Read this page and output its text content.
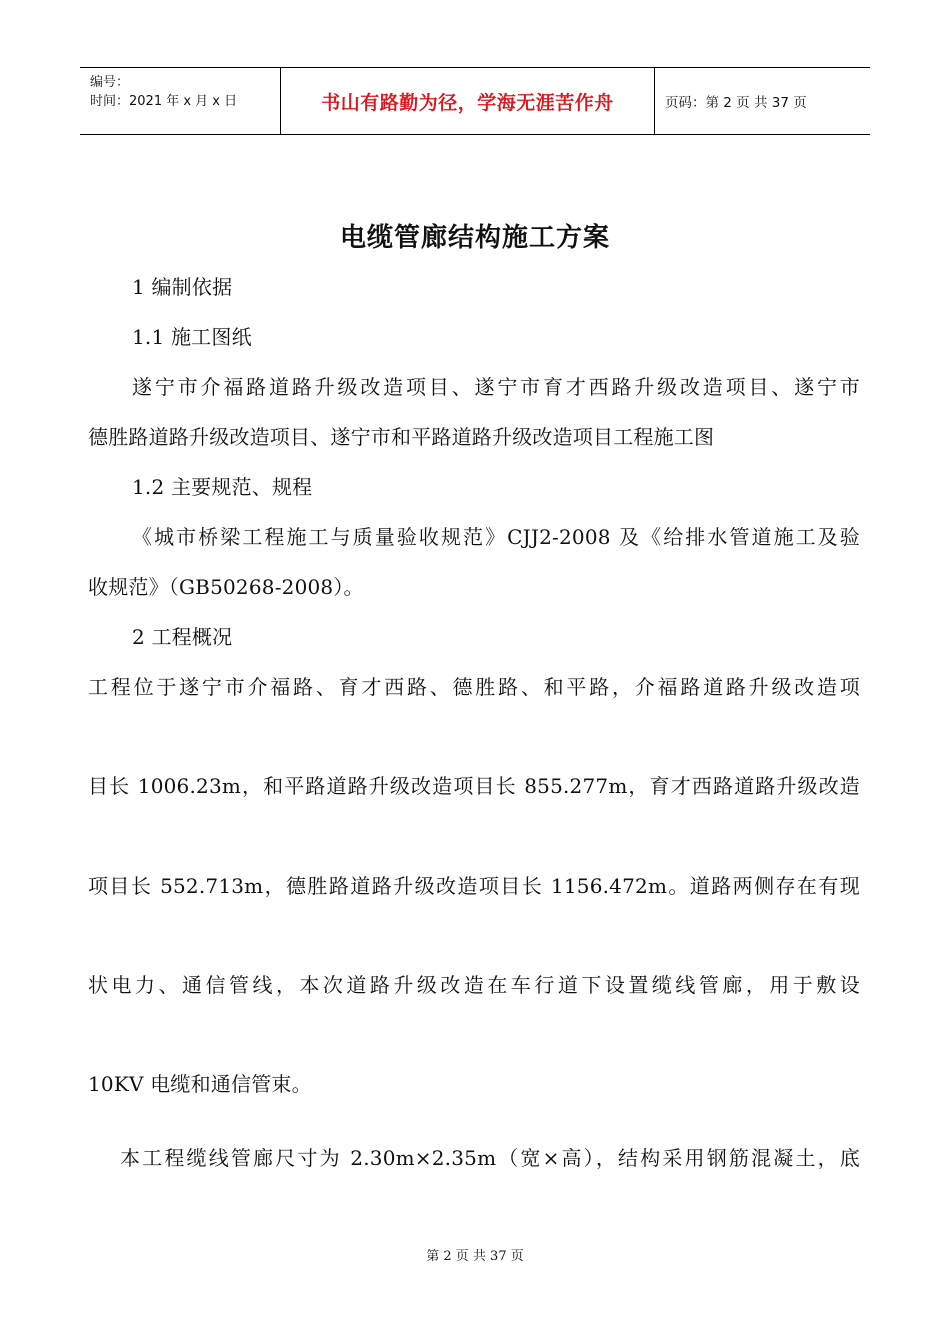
编号：
时间：2021 年 x 月 x 日	书山有路勤为径，学海无涯苦作舟	页码：第 2 页 共 37 页
电缆管廊结构施工方案
1 编制依据
1.1 施工图纸
遂宁市介福路道路升级改造项目、遂宁市育才西路升级改造项目、遂宁市
德胜路道路升级改造项目、遂宁市和平路道路升级改造项目工程施工图
1.2 主要规范、规程
《城市桥梁工程施工与质量验收规范》CJJ2-2008 及《给排水管道施工及验
收规范》（GB50268-2008）。
2 工程概况
工程位于遂宁市介福路、育才西路、德胜路、和平路，介福路道路升级改造项
目长 1006.23m，和平路道路升级改造项目长 855.277m，育才西路道路升级改造
项目长 552.713m，德胜路道路升级改造项目长 1156.472m。道路两侧存在有现
状电力、通信管线，本次道路升级改造在车行道下设置缆线管廊，用于敷设
10KV 电缆和通信管束。
本工程缆线管廊尺寸为 2.30m×2.35m（宽×高），结构采用钢筋混凝土，底
第 2 页 共 37 页
